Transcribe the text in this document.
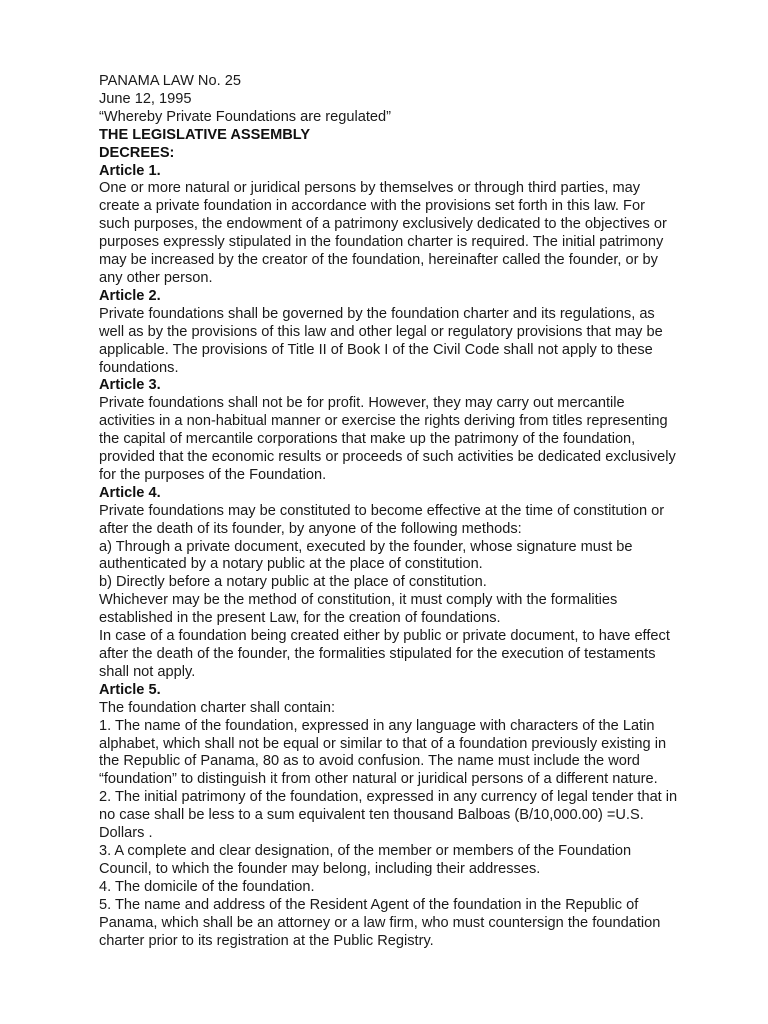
PANAMA LAW No. 25
June 12, 1995
“Whereby Private Foundations are regulated”
THE LEGISLATIVE ASSEMBLY
DECREES:
Article 1.
One or more natural or juridical persons by themselves or through third parties, may
create a private foundation in accordance with the provisions set forth in this law. For
such purposes, the endowment of a patrimony exclusively dedicated to the objectives or
purposes expressly stipulated in the foundation charter is required. The initial patrimony
may be increased by the creator of the foundation, hereinafter called the founder, or by
any other person.
Article 2.
Private foundations shall be governed by the foundation charter and its regulations, as
well as by the provisions of this law and other legal or regulatory provisions that may be
applicable. The provisions of Title II of Book I of the Civil Code shall not apply to these
foundations.
Article 3.
Private foundations shall not be for profit. However, they may carry out mercantile
activities in a non-habitual manner or exercise the rights deriving from titles representing
the capital of mercantile corporations that make up the patrimony of the foundation,
provided that the economic results or proceeds of such activities be dedicated exclusively
for the purposes of the Foundation.
Article 4.
Private foundations may be constituted to become effective at the time of constitution or
after the death of its founder, by anyone of the following methods:
a) Through a private document, executed by the founder, whose signature must be
authenticated by a notary public at the place of constitution.
b) Directly before a notary public at the place of constitution.
Whichever may be the method of constitution, it must comply with the formalities
established in the present Law, for the creation of foundations.
In case of a foundation being created either by public or private document, to have effect
after the death of the founder, the formalities stipulated for the execution of testaments
shall not apply.
Article 5.
The foundation charter shall contain:
1. The name of the foundation, expressed in any language with characters of the Latin
alphabet, which shall not be equal or similar to that of a foundation previously existing in
the Republic of Panama, 80 as to avoid confusion. The name must include the word
“foundation” to distinguish it from other natural or juridical persons of a different nature.
2. The initial patrimony of the foundation, expressed in any currency of legal tender that in
no case shall be less to a sum equivalent ten thousand Balboas (B/10,000.00) =U.S.
Dollars .
3. A complete and clear designation, of the member or members of the Foundation
Council, to which the founder may belong, including their addresses.
4. The domicile of the foundation.
5. The name and address of the Resident Agent of the foundation in the Republic of
Panama, which shall be an attorney or a law firm, who must countersign the foundation
charter prior to its registration at the Public Registry.
